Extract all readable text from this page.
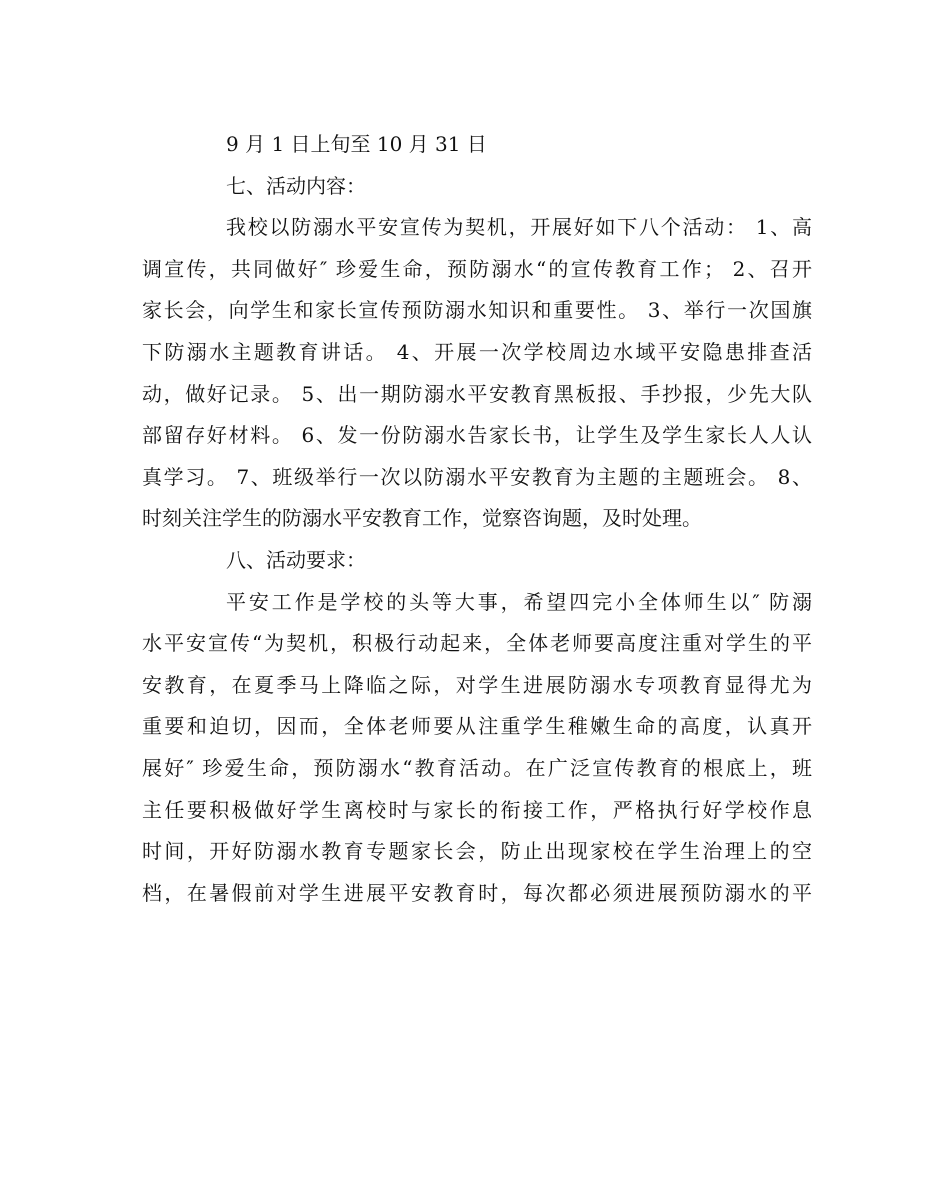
9 月 1 日上旬至 10 月 31 日
七、活动内容：
我校以防溺水平安宣传为契机，开展好如下八个活动： 1、高
调宣传，共同做好″ 珍爱生命，预防溺水“的宣传教育工作； 2、召开
家长会，向学生和家长宣传预防溺水知识和重要性。 3、举行一次国旗
下防溺水主题教育讲话。 4、开展一次学校周边水域平安隐患排查活
动，做好记录。 5、出一期防溺水平安教育黑板报、手抄报，少先大队
部留存好材料。 6、发一份防溺水告家长书，让学生及学生家长人人认
真学习。 7、班级举行一次以防溺水平安教育为主题的主题班会。 8、
时刻关注学生的防溺水平安教育工作，觉察咨询题，及时处理。
八、活动要求：
平安工作是学校的头等大事，希望四完小全体师生以″ 防溺
水平安宣传“为契机，积极行动起来，全体老师要高度注重对学生的平
安教育，在夏季马上降临之际，对学生进展防溺水专项教育显得尤为
重要和迫切，因而，全体老师要从注重学生稚嫩生命的高度，认真开
展好″ 珍爱生命，预防溺水“教育活动。在广泛宣传教育的根底上，班
主任要积极做好学生离校时与家长的衔接工作，严格执行好学校作息
时间，开好防溺水教育专题家长会，防止出现家校在学生治理上的空
档，在暑假前对学生进展平安教育时，每次都必须进展预防溺水的平
